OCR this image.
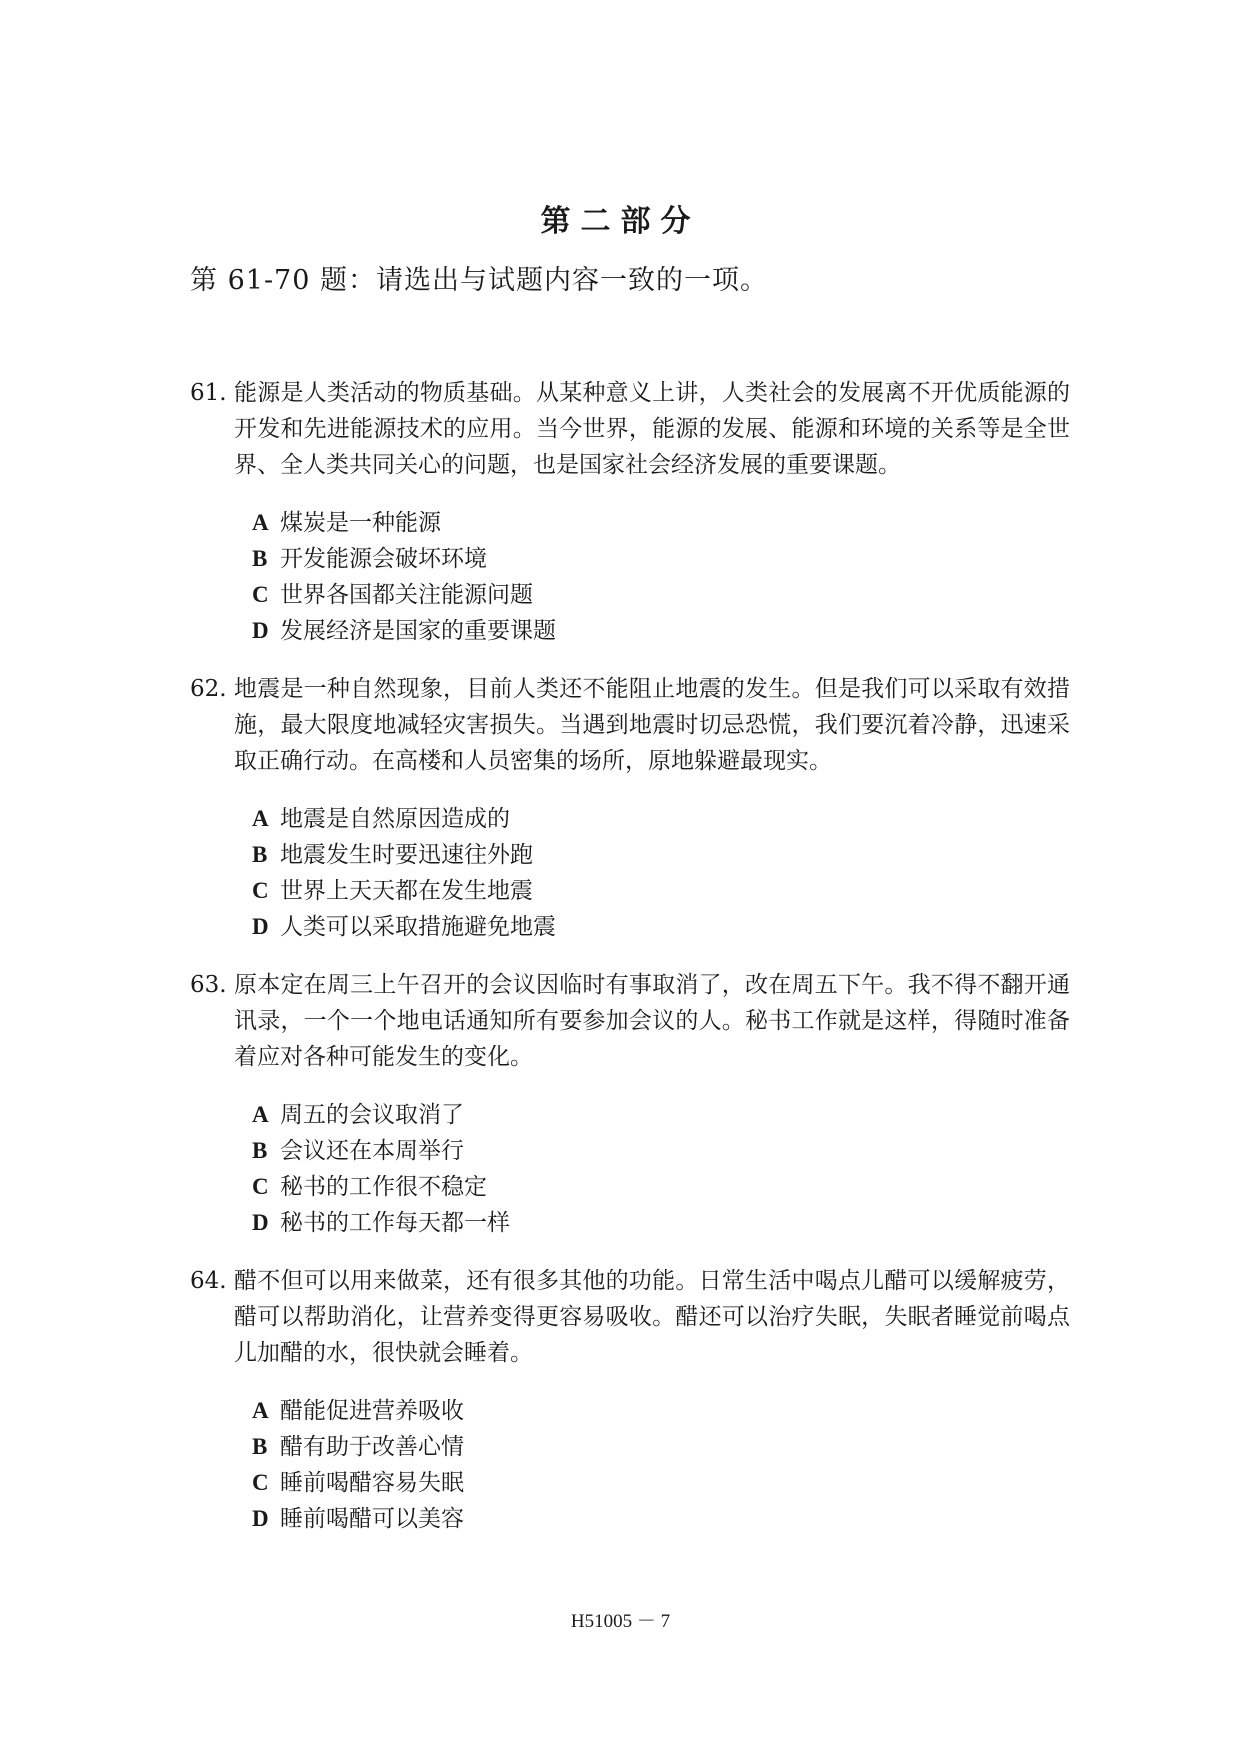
第二部分
第 61-70 题：请选出与试题内容一致的一项。
61. 能源是人类活动的物质基础。从某种意义上讲，人类社会的发展离不开优质能源的开发和先进能源技术的应用。当今世界，能源的发展、能源和环境的关系等是全世界、全人类共同关心的问题，也是国家社会经济发展的重要课题。
A 煤炭是一种能源
B 开发能源会破坏环境
C 世界各国都关注能源问题
D 发展经济是国家的重要课题
62. 地震是一种自然现象，目前人类还不能阻止地震的发生。但是我们可以采取有效措施，最大限度地减轻灾害损失。当遇到地震时切忌恐慌，我们要沉着冷静，迅速采取正确行动。在高楼和人员密集的场所，原地躲避最现实。
A 地震是自然原因造成的
B 地震发生时要迅速往外跑
C 世界上天天都在发生地震
D 人类可以采取措施避免地震
63. 原本定在周三上午召开的会议因临时有事取消了，改在周五下午。我不得不翻开通讯录，一个一个地电话通知所有要参加会议的人。秘书工作就是这样，得随时准备着应对各种可能发生的变化。
A 周五的会议取消了
B 会议还在本周举行
C 秘书的工作很不稳定
D 秘书的工作每天都一样
64. 醋不但可以用来做菜，还有很多其他的功能。日常生活中喝点儿醋可以缓解疲劳，醋可以帮助消化，让营养变得更容易吸收。醋还可以治疗失眠，失眠者睡觉前喝点儿加醋的水，很快就会睡着。
A 醋能促进营养吸收
B 醋有助于改善心情
C 睡前喝醋容易失眠
D 睡前喝醋可以美容
H51005 － 7
